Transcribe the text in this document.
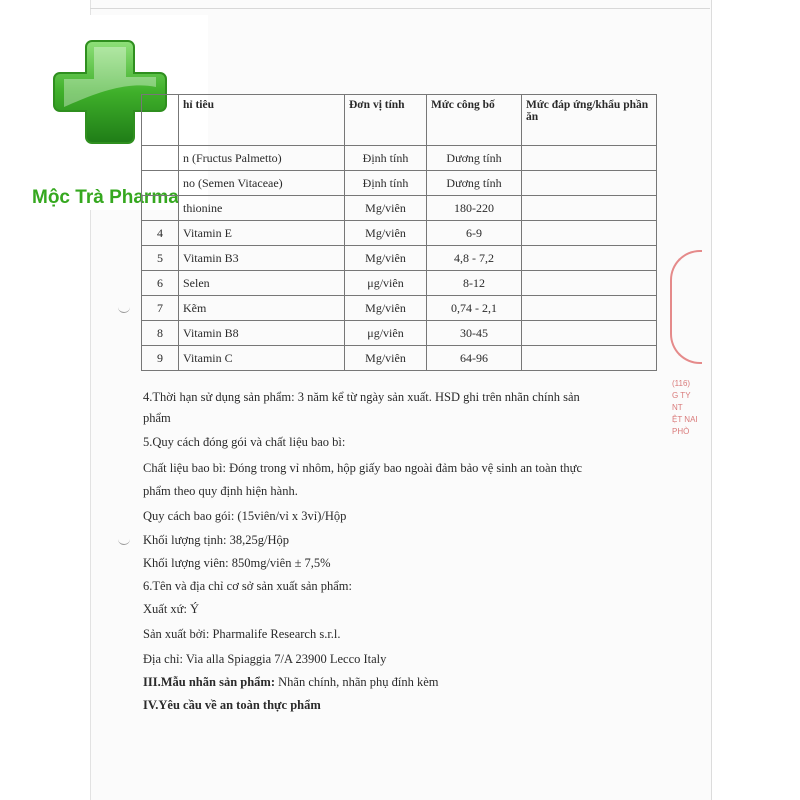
Mộc Trà Pharma
	hỉ tiêu	Đơn vị tính	Mức công bố	Mức đáp ứng/khẩu phần ăn
	n (Fructus Palmetto)	Định tính	Dương tính	
	no (Semen Vitaceae)	Định tính	Dương tính	
	thionine	Mg/viên	180-220	
4	Vitamin E	Mg/viên	6-9	
5	Vitamin B3	Mg/viên	4,8 - 7,2	
6	Selen	μg/viên	8-12	
7	Kẽm	Mg/viên	0,74 - 2,1	
8	Vitamin B8	μg/viên	30-45	
9	Vitamin C	Mg/viên	64-96	
4.Thời hạn sử dụng sản phẩm: 3 năm kể từ ngày sản xuất. HSD ghi trên nhãn chính sản
phẩm
5.Quy cách đóng gói và chất liệu bao bì:
Chất liệu bao bì: Đóng trong vỉ nhôm, hộp giấy bao ngoài đảm bảo vệ sinh an toàn thực
phẩm theo quy định hiện hành.
Quy cách bao gói: (15viên/vỉ x 3vỉ)/Hộp
Khối lượng tịnh: 38,25g/Hộp
Khối lượng viên: 850mg/viên ± 7,5%
6.Tên và địa chỉ cơ sở sản xuất sản phẩm:
Xuất xứ: Ý
Sản xuất bởi: Pharmalife Research s.r.l.
Địa chỉ: Via alla Spiaggia 7/A 23900 Lecco Italy
III.Mẫu nhãn sản phẩm: Nhãn chính, nhãn phụ đính kèm
IV.Yêu cầu về an toàn thực phẩm
(116)
G TY
NT
ỆT NAI
PHÒ
